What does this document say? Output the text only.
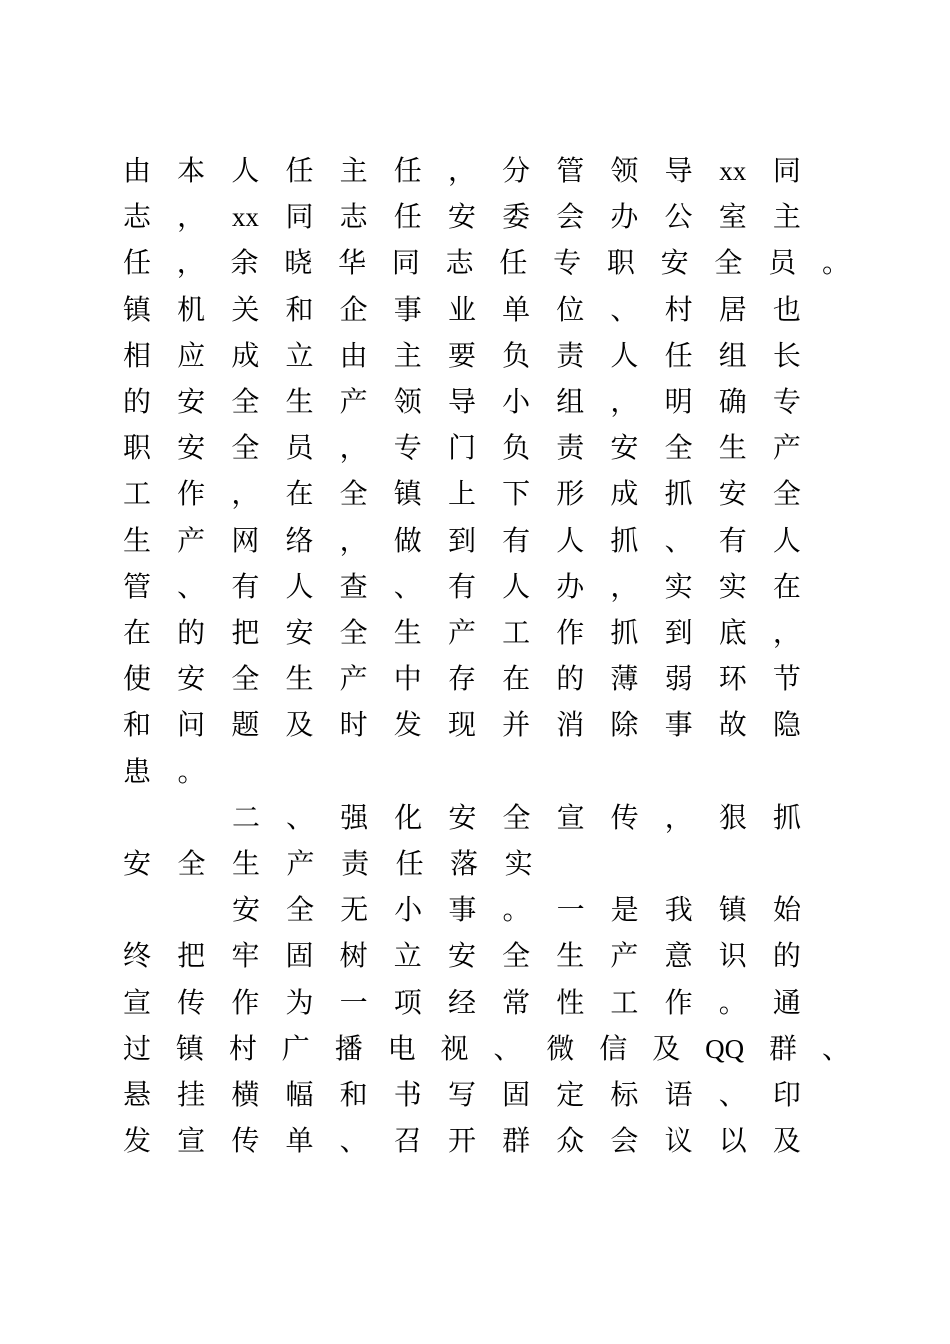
由 本 人 任 主 任 ， 分 管 领 导 xx 同
志 ， xx 同 志 任 安 委 会 办 公 室 主
任 ， 余 晓 华 同 志 任 专 职 安 全 员 。
镇 机 关 和 企 事 业 单 位 、 村 居 也
相 应 成 立 由 主 要 负 责 人 任 组 长
的 安 全 生 产 领 导 小 组 ， 明 确 专
职 安 全 员 ， 专 门 负 责 安 全 生 产
工 作 ， 在 全 镇 上 下 形 成 抓 安 全
生 产 网 络 ， 做 到 有 人 抓 、 有 人
管 、 有 人 查 、 有 人 办 ， 实 实 在
在 的 把 安 全 生 产 工 作 抓 到 底 ，
使 安 全 生 产 中 存 在 的 薄 弱 环 节
和 问 题 及 时 发 现 并 消 除 事 故 隐
患 。
二 、 强 化 安 全 宣 传 ， 狠 抓
安 全 生 产 责 任 落 实
安 全 无 小 事 。 一 是 我 镇 始
终 把 牢 固 树 立 安 全 生 产 意 识 的
宣 传 作 为 一 项 经 常 性 工 作 。 通
过 镇 村 广 播 电 视 、 微 信 及 QQ 群 、
悬 挂 横 幅 和 书 写 固 定 标 语 、 印
发 宣 传 单 、 召 开 群 众 会 议 以 及
